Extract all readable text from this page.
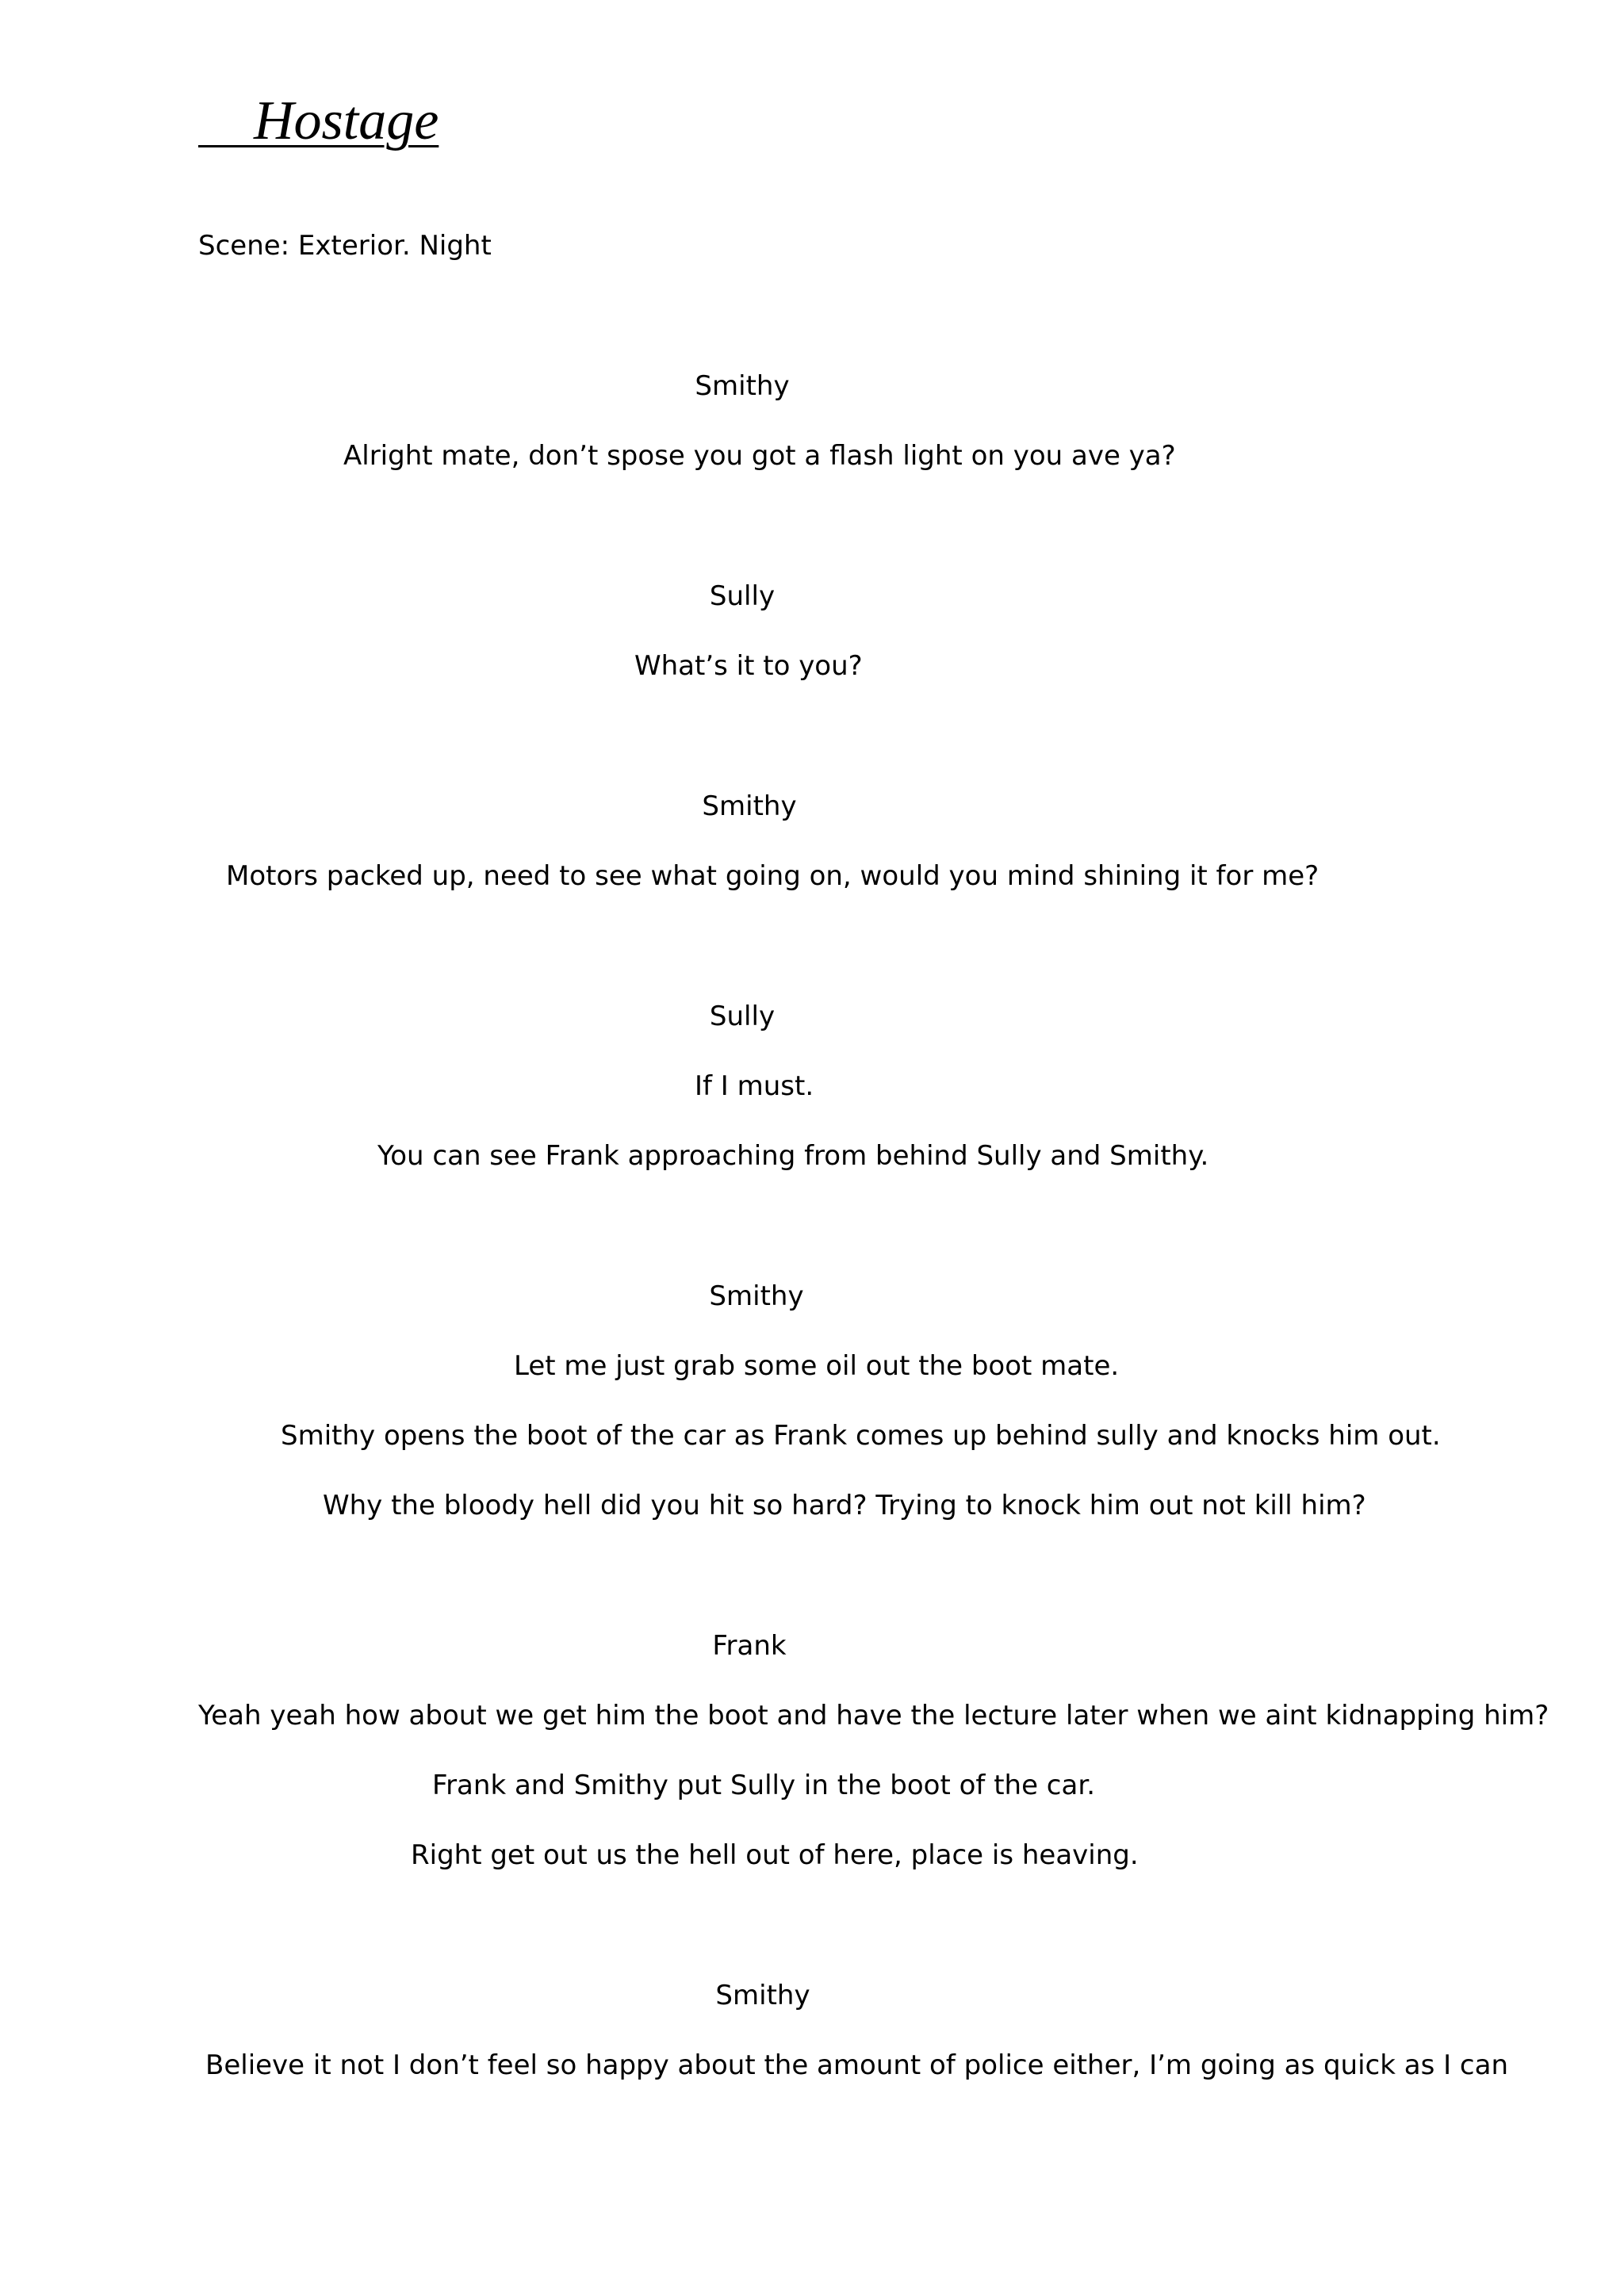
Hostage
Scene: Exterior. Night
Smithy
Alright mate, don’t spose you got a flash light on you ave ya?
Sully
What’s it to you?
Smithy
Motors packed up, need to see what going on, would you mind shining it for me?
Sully
If I must.
You can see Frank approaching from behind Sully and Smithy.
Smithy
Let me just grab some oil out the boot mate.
Smithy opens the boot of the car as Frank comes up behind sully and knocks him out.
Why the bloody hell did you hit so hard? Trying to knock him out not kill him?
Frank
Yeah yeah how about we get him the boot and have the lecture later when we aint kidnapping him?
Frank and Smithy put Sully in the boot of the car.
Right get out us the hell out of here, place is heaving.
Smithy
Believe it not I don’t feel so happy about the amount of police either, I’m going as quick as I can
